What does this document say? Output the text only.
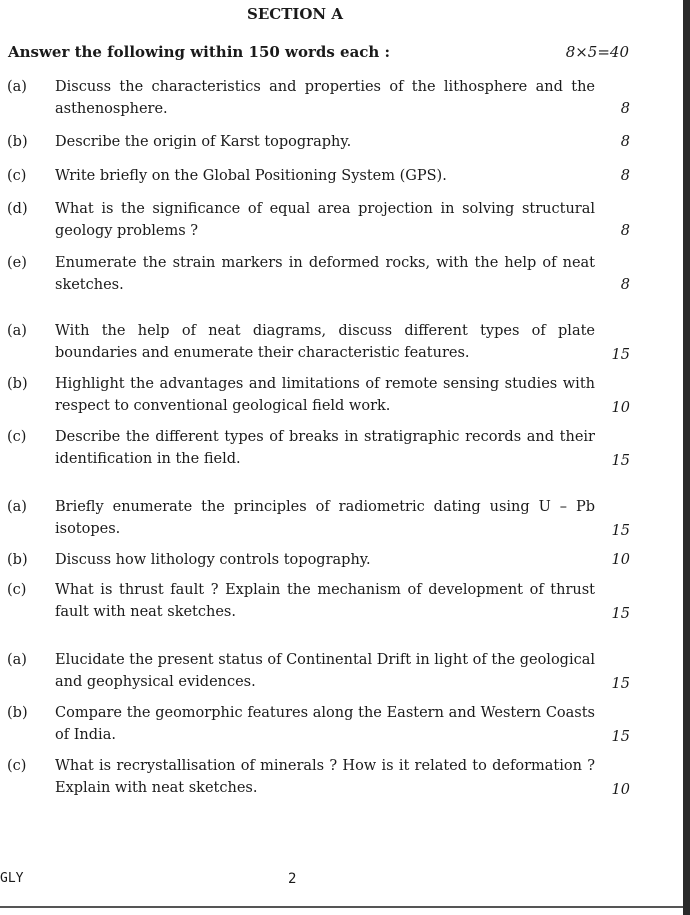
SECTION A
Answer the following within 150 words each :	8×5=40
(a) Discuss the characteristics and properties of the lithosphere and the asthenosphere.	8
(b) Describe the origin of Karst topography.	8
(c) Write briefly on the Global Positioning System (GPS).	8
(d) What is the significance of equal area projection in solving structural geology problems ?	8
(e) Enumerate the strain markers in deformed rocks, with the help of neat sketches.	8
(a) With the help of neat diagrams, discuss different types of plate boundaries and enumerate their characteristic features.	15
(b) Highlight the advantages and limitations of remote sensing studies with respect to conventional geological field work.	10
(c) Describe the different types of breaks in stratigraphic records and their identification in the field.	15
(a) Briefly enumerate the principles of radiometric dating using U – Pb isotopes.	15
(b) Discuss how lithology controls topography.	10
(c) What is thrust fault ? Explain the mechanism of development of thrust fault with neat sketches.	15
(a) Elucidate the present status of Continental Drift in light of the geological and geophysical evidences.	15
(b) Compare the geomorphic features along the Eastern and Western Coasts of India.	15
(c) What is recrystallisation of minerals ? How is it related to deformation ? Explain with neat sketches.	10
GLY	2
